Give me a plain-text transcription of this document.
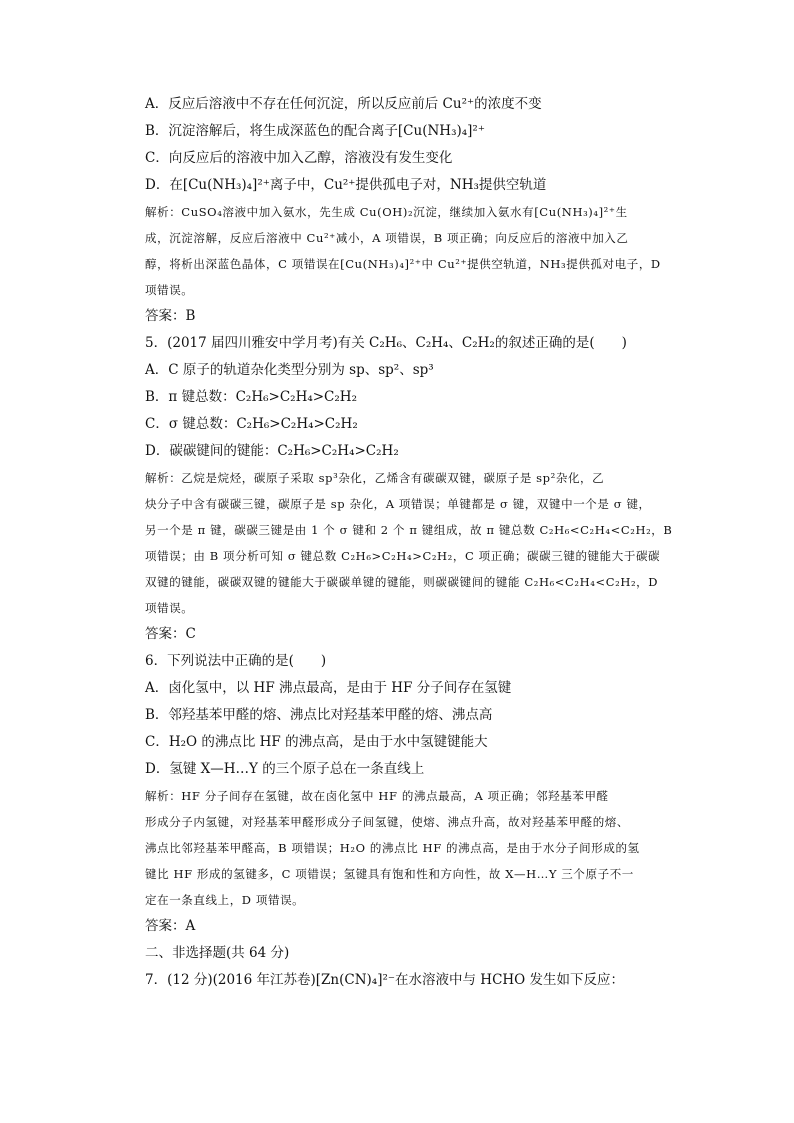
A．反应后溶液中不存在任何沉淀，所以反应前后 Cu²⁺的浓度不变
B．沉淀溶解后，将生成深蓝色的配合离子[Cu(NH₃)₄]²⁺
C．向反应后的溶液中加入乙醇，溶液没有发生变化
D．在[Cu(NH₃)₄]²⁺离子中，Cu²⁺提供孤电子对，NH₃提供空轨道
解析：CuSO₄溶液中加入氨水，先生成 Cu(OH)₂沉淀，继续加入氨水有[Cu(NH₃)₄]²⁺生
成，沉淀溶解，反应后溶液中 Cu²⁺减小，A 项错误，B 项正确；向反应后的溶液中加入乙
醇，将析出深蓝色晶体，C 项错误在[Cu(NH₃)₄]²⁺中 Cu²⁺提供空轨道，NH₃提供孤对电子，D
项错误。
答案：B
5．(2017 届四川雅安中学月考)有关 C₂H₆、C₂H₄、C₂H₂的叙述正确的是(　　)
A．C 原子的轨道杂化类型分别为 sp、sp²、sp³
B．π 键总数：C₂H₆>C₂H₄>C₂H₂
C．σ 键总数：C₂H₆>C₂H₄>C₂H₂
D．碳碳键间的键能：C₂H₆>C₂H₄>C₂H₂
解析：乙烷是烷烃，碳原子采取 sp³杂化，乙烯含有碳碳双键，碳原子是 sp²杂化，乙
炔分子中含有碳碳三键，碳原子是 sp 杂化，A 项错误；单键都是 σ 键，双键中一个是 σ 键，
另一个是 π 键，碳碳三键是由 1 个 σ 键和 2 个 π 键组成，故 π 键总数 C₂H₆<C₂H₄<C₂H₂，B
项错误；由 B 项分析可知 σ 键总数 C₂H₆>C₂H₄>C₂H₂，C 项正确；碳碳三键的键能大于碳碳
双键的键能，碳碳双键的键能大于碳碳单键的键能，则碳碳键间的键能 C₂H₆<C₂H₄<C₂H₂，D
项错误。
答案：C
6．下列说法中正确的是(　　)
A．卤化氢中，以 HF 沸点最高，是由于 HF 分子间存在氢键
B．邻羟基苯甲醛的熔、沸点比对羟基苯甲醛的熔、沸点高
C．H₂O 的沸点比 HF 的沸点高，是由于水中氢键键能大
D．氢键 X—H…Y 的三个原子总在一条直线上
解析：HF 分子间存在氢键，故在卤化氢中 HF 的沸点最高，A 项正确；邻羟基苯甲醛
形成分子内氢键，对羟基苯甲醛形成分子间氢键，使熔、沸点升高，故对羟基苯甲醛的熔、
沸点比邻羟基苯甲醛高，B 项错误；H₂O 的沸点比 HF 的沸点高，是由于水分子间形成的氢
键比 HF 形成的氢键多，C 项错误；氢键具有饱和性和方向性，故 X—H…Y 三个原子不一
定在一条直线上，D 项错误。
答案：A
二、非选择题(共 64 分)
7．(12 分)(2016 年江苏卷)[Zn(CN)₄]²⁻在水溶液中与 HCHO 发生如下反应：
